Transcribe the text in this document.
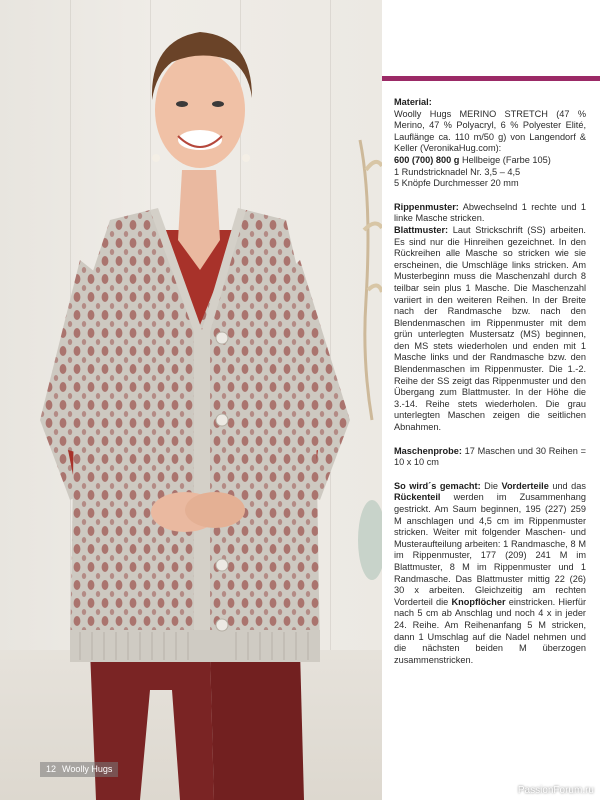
Material:
Woolly Hugs MERINO STRETCH (47 % Merino, 47 % Polyacryl, 6 % Polyester Elité, Lauflänge ca. 110 m/50 g) von Langendorf & Keller (VeronikaHug.com):
600 (700) 800 g Hellbeige (Farbe 105)
1 Rundstricknadel Nr. 3,5 – 4,5
5 Knöpfe Durchmesser 20 mm

Rippenmuster: Abwechselnd 1 rechte und 1 linke Masche stricken.
Blattmuster: Laut Strickschrift (SS) arbeiten. Es sind nur die Hinreihen gezeichnet. In den Rückreihen alle Masche so stricken wie sie erscheinen, die Umschläge links stricken. Am Musterbeginn muss die Maschenzahl durch 8 teilbar sein plus 1 Masche. Die Maschenzahl variiert in den weiteren Reihen. In der Breite nach der Randmasche bzw. nach den Blendenmaschen im Rippenmuster mit dem grün unterlegten Mustersatz (MS) beginnen, den MS stets wiederholen und enden mit 1 Masche links und der Randmasche bzw. den Blendenmaschen im Rippenmuster. Die 1.-2. Reihe der SS zeigt das Rippenmuster und den Übergang zum Blattmuster. In der Höhe die 3.-14. Reihe stets wiederholen. Die grau unterlegten Maschen zeigen die seitlichen Abnahmen.

Maschenprobe: 17 Maschen und 30 Reihen = 10 x 10 cm

So wird´s gemacht: Die Vorderteile und das Rückenteil werden im Zusammenhang gestrickt. Am Saum beginnen, 195 (227) 259 M anschlagen und 4,5 cm im Rippenmuster stricken. Weiter mit folgender Maschen- und Musteraufteilung arbeiten: 1 Randmasche, 8 M im Rippenmuster, 177 (209) 241 M im Blattmuster, 8 M im Rippenmuster und 1 Randmasche. Das Blattmuster mittig 22 (26) 30 x arbeiten. Gleichzeitig am rechten Vorderteil die Knopflöcher einstricken. Hierfür nach 5 cm ab Anschlag und noch 4 x in jeder 24. Reihe. Am Reihenanfang 5 M stricken, dann 1 Umschlag auf die Nadel nehmen und die nächsten beiden M überzogen zusammenstricken.

12 Woolly Hugs
PassionForum.ru
